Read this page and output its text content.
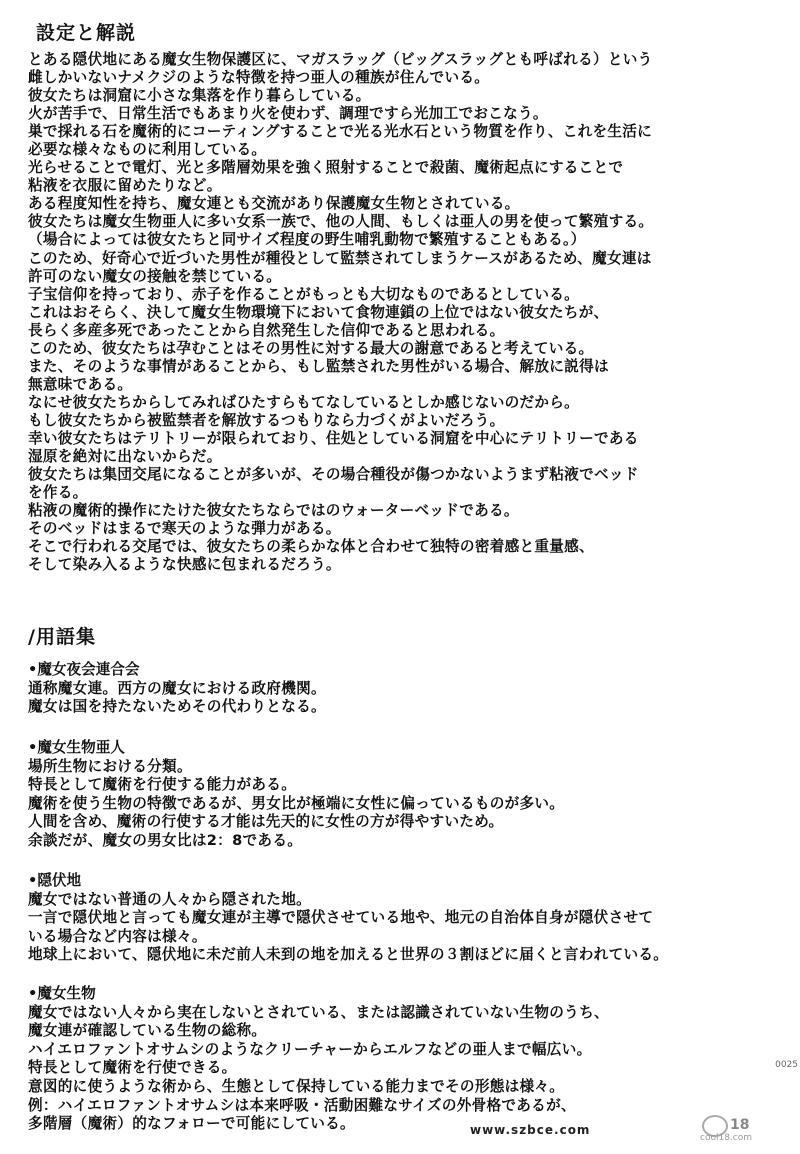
設定と解説
とある隠伏地にある魔女生物保護区に、マガスラッグ（ビッグスラッグとも呼ばれる）という
雌しかいないナメクジのような特徴を持つ亜人の種族が住んでいる。
彼女たちは洞窟に小さな集落を作り暮らしている。
火が苦手で、日常生活でもあまり火を使わず、調理ですら光加工でおこなう。
巣で採れる石を魔術的にコーティングすることで光る光水石という物質を作り、これを生活に
必要な様々なものに利用している。
光らせることで電灯、光と多階層効果を強く照射することで殺菌、魔術起点にすることで
粘液を衣服に留めたりなど。
ある程度知性を持ち、魔女連とも交流があり保護魔女生物とされている。
彼女たちは魔女生物亜人に多い女系一族で、他の人間、もしくは亜人の男を使って繁殖する。
（場合によっては彼女たちと同サイズ程度の野生哺乳動物で繁殖することもある。）
このため、好奇心で近づいた男性が種役として監禁されてしまうケースがあるため、魔女連は
許可のない魔女の接触を禁じている。
子宝信仰を持っており、赤子を作ることがもっとも大切なものであるとしている。
これはおそらく、決して魔女生物環境下において食物連鎖の上位ではない彼女たちが、
長らく多産多死であったことから自然発生した信仰であると思われる。
このため、彼女たちは孕むことはその男性に対する最大の謝意であると考えている。
また、そのような事情があることから、もし監禁された男性がいる場合、解放に説得は
無意味である。
なにせ彼女たちからしてみればひたすらもてなしているとしか感じないのだから。
もし彼女たちから被監禁者を解放するつもりなら力づくがよいだろう。
幸い彼女たちはテリトリーが限られており、住処としている洞窟を中心にテリトリーである
湿原を絶対に出ないからだ。
彼女たちは集団交尾になることが多いが、その場合種役が傷つかないようまず粘液でベッド
を作る。
粘液の魔術的操作にたけた彼女たちならではのウォーターベッドである。
そのベッドはまるで寒天のような弾力がある。
そこで行われる交尾では、彼女たちの柔らかな体と合わせて独特の密着感と重量感、
そして染み入るような快感に包まれるだろう。
/用語集
•魔女夜会連合会
通称魔女連。西方の魔女における政府機関。
魔女は国を持たないためその代わりとなる。
•魔女生物亜人
場所生物における分類。
特長として魔術を行使する能力がある。
魔術を使う生物の特徴であるが、男女比が極端に女性に偏っているものが多い。
人間を含め、魔術の行使する才能は先天的に女性の方が得やすいため。
余談だが、魔女の男女比は2：8である。
•隠伏地
魔女ではない普通の人々から隠された地。
一言で隠伏地と言っても魔女連が主導で隠伏させている地や、地元の自治体自身が隠伏させて
いる場合など内容は様々。
地球上において、隠伏地に未だ前人未到の地を加えると世界の３割ほどに届くと言われている。
•魔女生物
魔女ではない人々から実在しないとされている、または認識されていない生物のうち、
魔女連が確認している生物の総称。
ハイエロファントオサムシのようなクリーチャーからエルフなどの亜人まで幅広い。
特長として魔術を行使できる。
意図的に使うような術から、生態として保持している能力までその形態は様々。
例：ハイエロファントオサムシは本来呼吸・活動困難なサイズの外骨格であるが、
多階層（魔術）的なフォローで可能にしている。
0025
www.szbce.com	18
cool18.com
